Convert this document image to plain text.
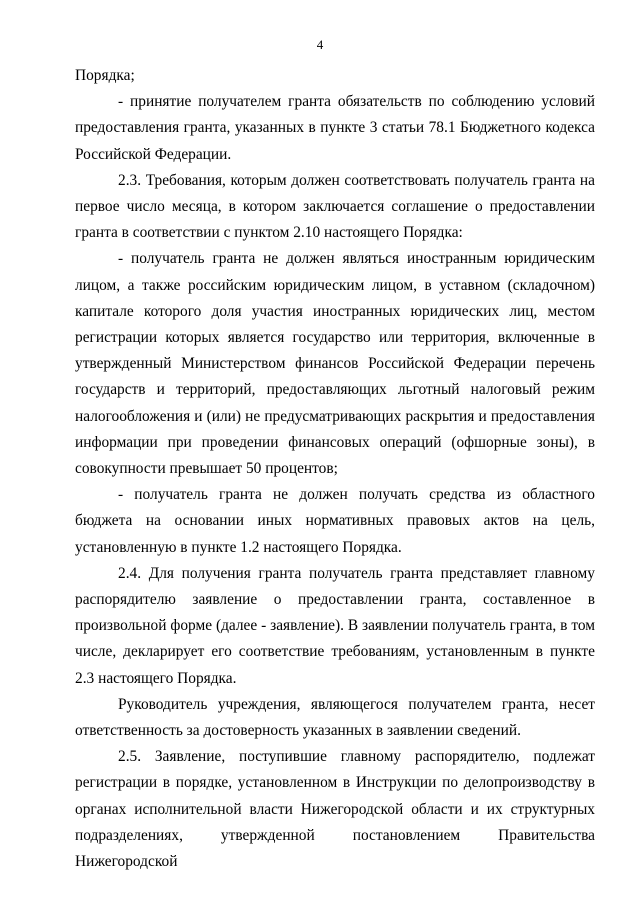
4

Порядка;

- принятие получателем гранта обязательств по соблюдению условий предоставления гранта, указанных в пункте 3 статьи 78.1 Бюджетного кодекса Российской Федерации.

2.3. Требования, которым должен соответствовать получатель гранта на первое число месяца, в котором заключается соглашение о предоставлении гранта в соответствии с пунктом 2.10 настоящего Порядка:

- получатель гранта не должен являться иностранным юридическим лицом, а также российским юридическим лицом, в уставном (складочном) капитале которого доля участия иностранных юридических лиц, местом регистрации которых является государство или территория, включенные в утвержденный Министерством финансов Российской Федерации перечень государств и территорий, предоставляющих льготный налоговый режим налогообложения и (или) не предусматривающих раскрытия и предоставления информации при проведении финансовых операций (офшорные зоны), в совокупности превышает 50 процентов;

- получатель гранта не должен получать средства из областного бюджета на основании иных нормативных правовых актов на цель, установленную в пункте 1.2 настоящего Порядка.

2.4. Для получения гранта получатель гранта представляет главному распорядителю заявление о предоставлении гранта, составленное в произвольной форме (далее - заявление). В заявлении получатель гранта, в том числе, декларирует его соответствие требованиям, установленным в пункте 2.3 настоящего Порядка.

Руководитель учреждения, являющегося получателем гранта, несет ответственность за достоверность указанных в заявлении сведений.

2.5. Заявление, поступившие главному распорядителю, подлежат регистрации в порядке, установленном в Инструкции по делопроизводству в органах исполнительной власти Нижегородской области и их структурных подразделениях, утвержденной постановлением Правительства Нижегородской
